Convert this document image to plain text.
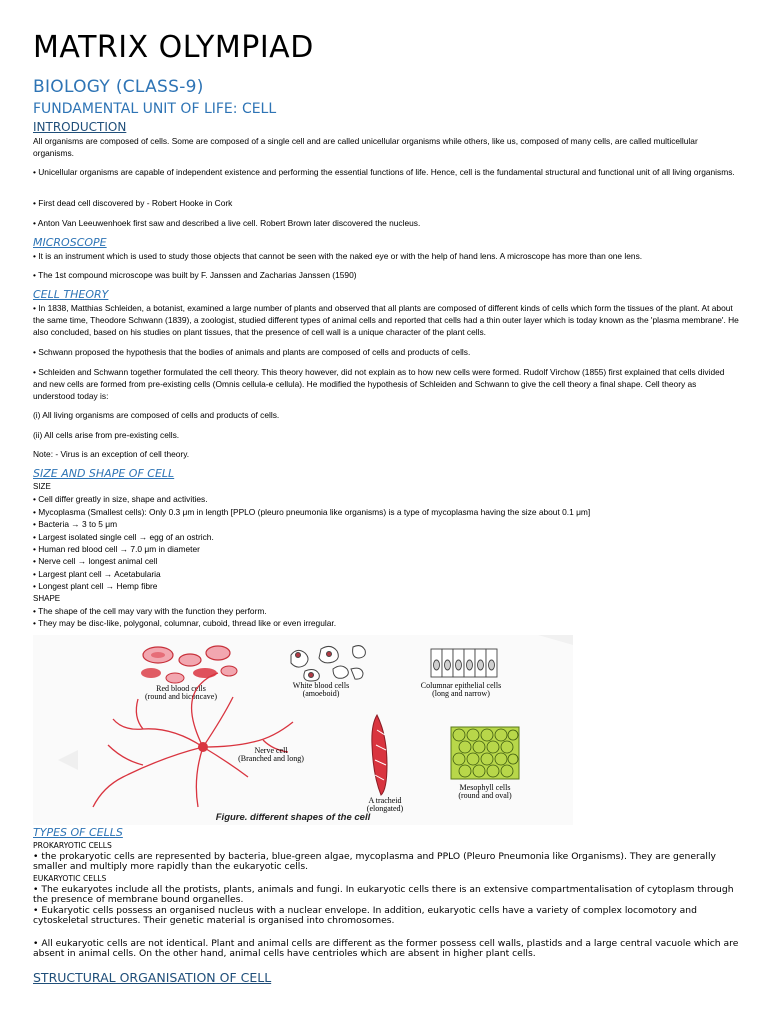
MATRIX OLYMPIAD
BIOLOGY (CLASS-9)
FUNDAMENTAL UNIT OF LIFE: CELL
INTRODUCTION

All organisms are composed of cells. Some are composed of a single cell and are called unicellular organisms while others, like us, composed of many cells, are called multicellular organisms.

• Unicellular organisms are capable of independent existence and performing the essential functions of life. Hence, cell is the fundamental structural and functional unit of all living organisms.

• First dead cell discovered by - Robert Hooke in Cork

• Anton Van Leeuwenhoek first saw and described a live cell. Robert Brown later discovered the nucleus.

MICROSCOPE

• It is an instrument which is used to study those objects that cannot be seen with the naked eye or with the help of hand lens. A microscope has more than one lens.

• The 1st compound microscope was built by F. Janssen and Zacharias Janssen (1590)

CELL THEORY

• In 1838, Matthias Schleiden, a botanist, examined a large number of plants and observed that all plants are composed of different kinds of cells which form the tissues of the plant. At about the same time, Theodore Schwann (1839), a zoologist, studied different types of animal cells and reported that cells had a thin outer layer which is today known as the 'plasma membrane'. He also concluded, based on his studies on plant tissues, that the presence of cell wall is a unique character of the plant cells.

• Schwann proposed the hypothesis that the bodies of animals and plants are composed of cells and products of cells.

• Schleiden and Schwann together formulated the cell theory. This theory however, did not explain as to how new cells were formed. Rudolf Virchow (1855) first explained that cells divided and new cells are formed from pre-existing cells (Omnis cellula-e cellula). He modified the hypothesis of Schleiden and Schwann to give the cell theory a final shape. Cell theory as understood today is:

(i) All living organisms are composed of cells and products of cells.

(ii) All cells arise from pre-existing cells.

Note: - Virus is an exception of cell theory.

SIZE AND SHAPE OF CELL
SIZE
• Cell differ greatly in size, shape and activities.
• Mycoplasma (Smallest cells): Only 0.3 μm in length [PPLO (pleuro pneumonia like organisms) is a type of mycoplasma having the size about 0.1 μm]
• Bacteria → 3 to 5 μm
• Largest isolated single cell → egg of an ostrich.
• Human red blood cell → 7.0 μm in diameter
• Nerve cell → longest animal cell
• Largest plant cell → Acetabularia
• Longest plant cell → Hemp fibre
SHAPE
• The shape of the cell may vary with the function they perform.
• They may be disc-like, polygonal, columnar, cuboid, thread like or even irregular.
Red blood cells
(round and biconcave)
White blood cells
(amoeboid)
Columnar epithelial cells
(long and narrow)
Nerve cell
(Branched and long)
A tracheid
(elongated)
Mesophyll cells
(round and oval)
Figure. different shapes of the cell
TYPES OF CELLS
PROKARYOTIC CELLS

• the prokaryotic cells are represented by bacteria, blue-green algae, mycoplasma and PPLO (Pleuro Pneumonia like Organisms). They are generally smaller and multiply more rapidly than the eukaryotic cells.

EUKARYOTIC CELLS

• The eukaryotes include all the protists, plants, animals and fungi. In eukaryotic cells there is an extensive compartmentalisation of cytoplasm through the presence of membrane bound organelles.

• Eukaryotic cells possess an organised nucleus with a nuclear envelope. In addition, eukaryotic cells have a variety of complex locomotory and cytoskeletal structures. Their genetic material is organised into chromosomes.

• All eukaryotic cells are not identical. Plant and animal cells are different as the former possess cell walls, plastids and a large central vacuole which are absent in animal cells. On the other hand, animal cells have centrioles which are absent in higher plant cells.

STRUCTURAL ORGANISATION OF CELL
